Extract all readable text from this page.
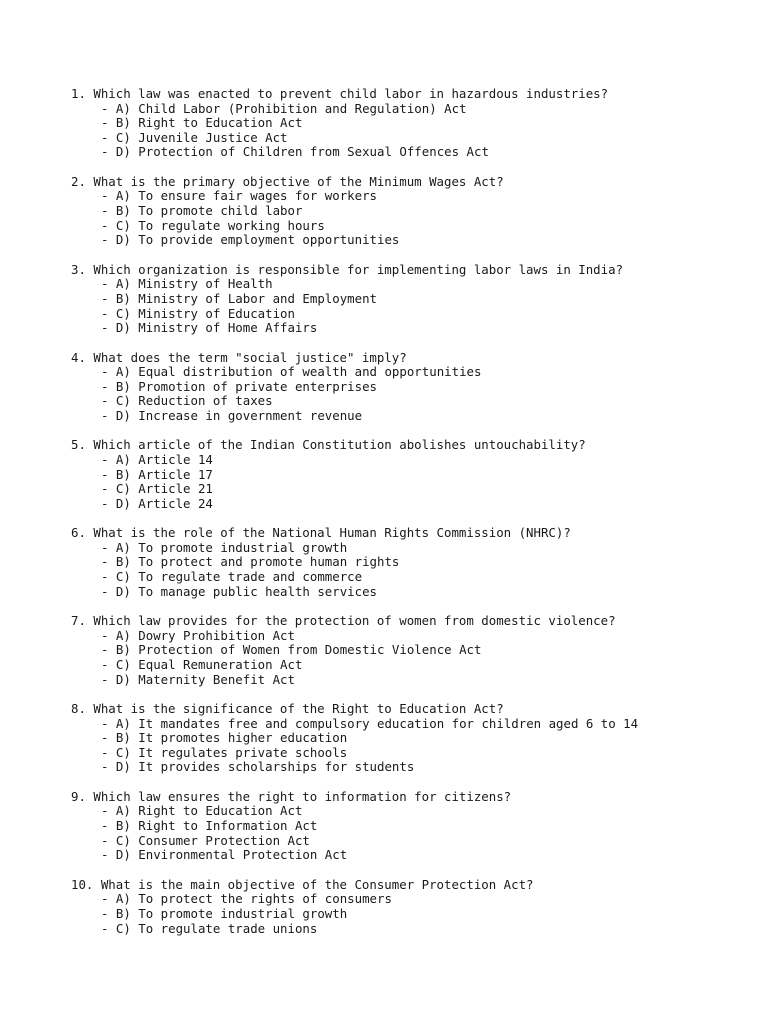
1. Which law was enacted to prevent child labor in hazardous industries?
- A) Child Labor (Prohibition and Regulation) Act
- B) Right to Education Act
- C) Juvenile Justice Act
- D) Protection of Children from Sexual Offences Act
2. What is the primary objective of the Minimum Wages Act?
- A) To ensure fair wages for workers
- B) To promote child labor
- C) To regulate working hours
- D) To provide employment opportunities
3. Which organization is responsible for implementing labor laws in India?
- A) Ministry of Health
- B) Ministry of Labor and Employment
- C) Ministry of Education
- D) Ministry of Home Affairs
4. What does the term "social justice" imply?
- A) Equal distribution of wealth and opportunities
- B) Promotion of private enterprises
- C) Reduction of taxes
- D) Increase in government revenue
5. Which article of the Indian Constitution abolishes untouchability?
- A) Article 14
- B) Article 17
- C) Article 21
- D) Article 24
6. What is the role of the National Human Rights Commission (NHRC)?
- A) To promote industrial growth
- B) To protect and promote human rights
- C) To regulate trade and commerce
- D) To manage public health services
7. Which law provides for the protection of women from domestic violence?
- A) Dowry Prohibition Act
- B) Protection of Women from Domestic Violence Act
- C) Equal Remuneration Act
- D) Maternity Benefit Act
8. What is the significance of the Right to Education Act?
- A) It mandates free and compulsory education for children aged 6 to 14
- B) It promotes higher education
- C) It regulates private schools
- D) It provides scholarships for students
9. Which law ensures the right to information for citizens?
- A) Right to Education Act
- B) Right to Information Act
- C) Consumer Protection Act
- D) Environmental Protection Act
10. What is the main objective of the Consumer Protection Act?
- A) To protect the rights of consumers
- B) To promote industrial growth
- C) To regulate trade unions
